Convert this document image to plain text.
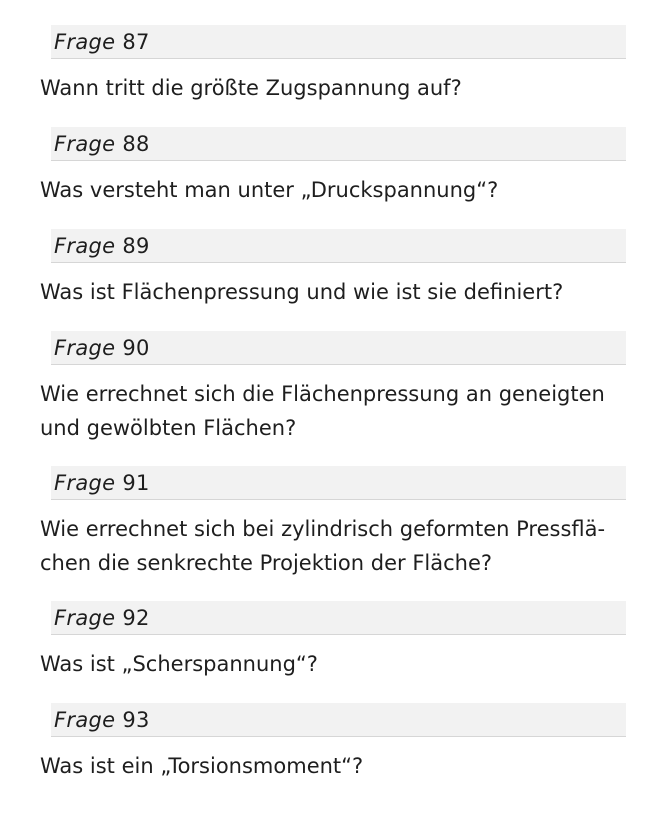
Frage 87
Wann tritt die größte Zugspannung auf?
Frage 88
Was versteht man unter „Druckspannung“?
Frage 89
Was ist Flächenpressung und wie ist sie definiert?
Frage 90
Wie errechnet sich die Flächenpressung an geneigten
und gewölbten Flächen?
Frage 91
Wie errechnet sich bei zylindrisch geformten Pressflä-
chen die senkrechte Projektion der Fläche?
Frage 92
Was ist „Scherspannung“?
Frage 93
Was ist ein „Torsionsmoment“?
